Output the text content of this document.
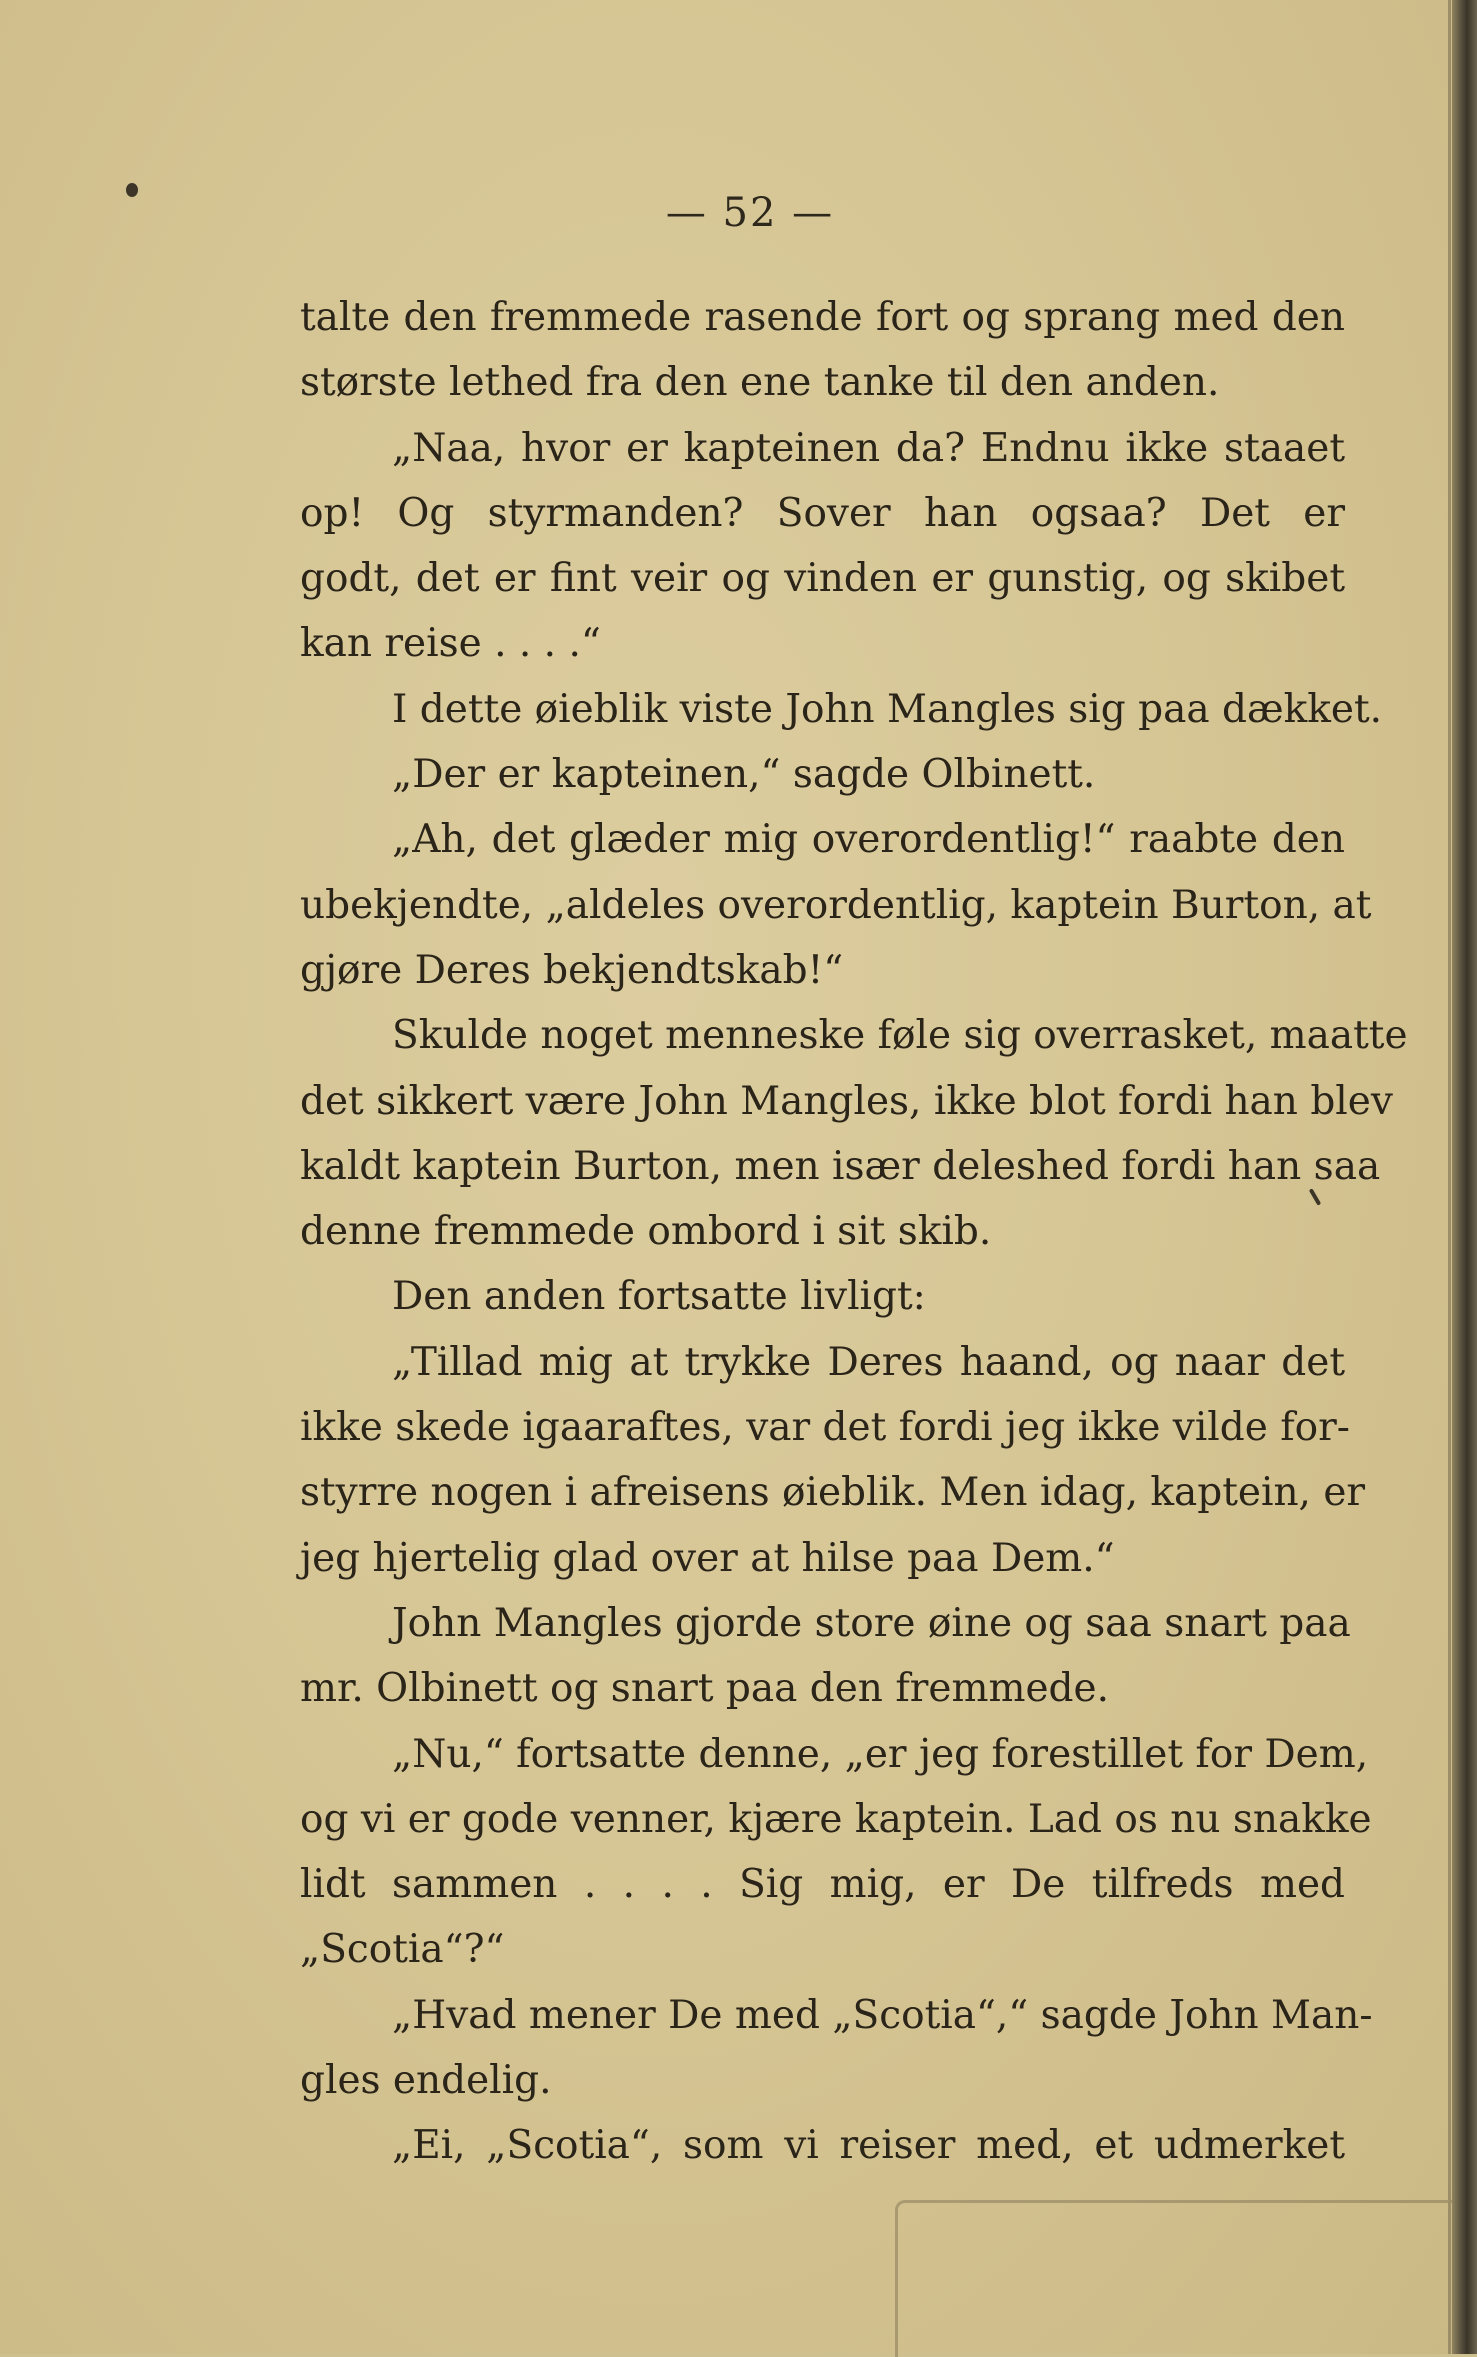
— 52 —
talte den fremmede rasende fort og sprang med den
største lethed fra den ene tanke til den anden.
„Naa, hvor er kapteinen da? Endnu ikke staaet
op! Og styrmanden? Sover han ogsaa? Det er
godt, det er fint veir og vinden er gunstig, og skibet
kan reise . . . .“
I dette øieblik viste John Mangles sig paa dækket.
„Der er kapteinen,“ sagde Olbinett.
„Ah, det glæder mig overordentlig!“ raabte den
ubekjendte, „aldeles overordentlig, kaptein Burton, at
gjøre Deres bekjendtskab!“
Skulde noget menneske føle sig overrasket, maatte
det sikkert være John Mangles, ikke blot fordi han blev
kaldt kaptein Burton, men især deleshed fordi han saa
denne fremmede ombord i sit skib.
Den anden fortsatte livligt:
„Tillad mig at trykke Deres haand, og naar det
ikke skede igaaraftes, var det fordi jeg ikke vilde for-
styrre nogen i afreisens øieblik. Men idag, kaptein, er
jeg hjertelig glad over at hilse paa Dem.“
John Mangles gjorde store øine og saa snart paa
mr. Olbinett og snart paa den fremmede.
„Nu,“ fortsatte denne, „er jeg forestillet for Dem,
og vi er gode venner, kjære kaptein. Lad os nu snakke
lidt sammen . . . . Sig mig, er De tilfreds med
„Scotia“?“
„Hvad mener De med „Scotia“,“ sagde John Man-
gles endelig.
„Ei, „Scotia“, som vi reiser med, et udmerket
